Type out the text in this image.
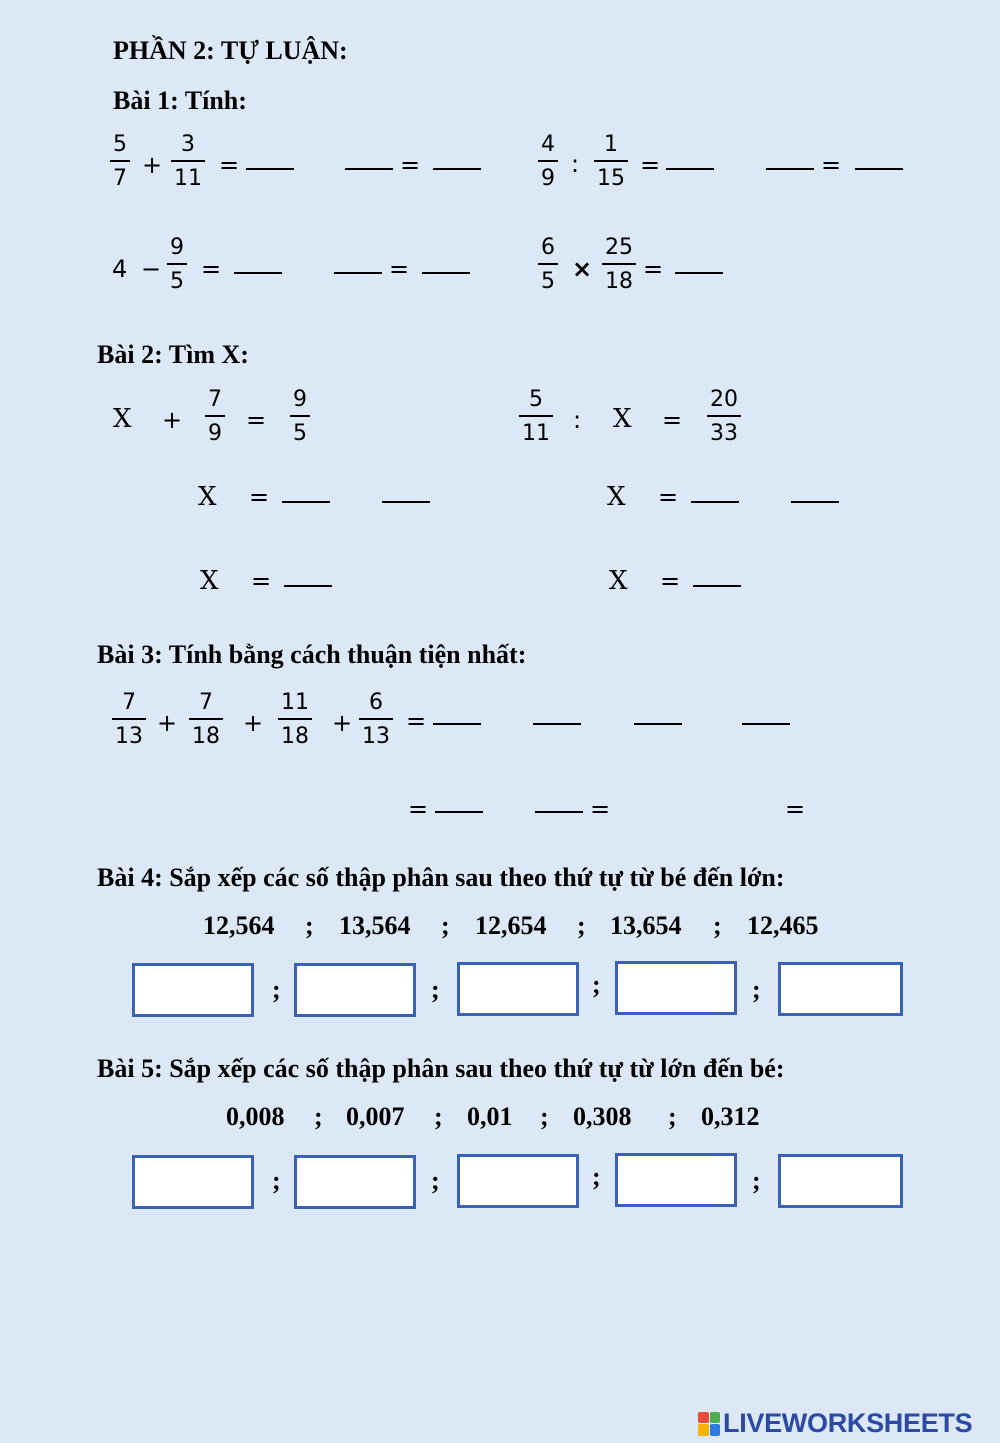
PHẦN 2: TỰ LUẬN:
Bài 1: Tính:
5
7 +
3
11 =	=
4
9
:
1
15 =	=
4 −
9
5 =	=
6
5 ×
25
18 =
Bài 2: Tìm X:
X +
7
9 =
9
5
5
11 : X =
20
33
X =	X =
X =	X =
Bài 3: Tính bằng cách thuận tiện nhất:
7
13 +
7
18 +
11
18 +
6
13
=
=	=	=
Bài 4: Sắp xếp các số thập phân sau theo thứ tự từ bé đến lớn:
12,564 ; 13,564 ; 12,654 ; 13,654 ; 12,465
;	;	;	;
Bài 5: Sắp xếp các số thập phân sau theo thứ tự từ lớn đến bé:
0,008 ; 0,007 ; 0,01 ; 0,308 ; 0,312
;	;	;	;
LIVEWORKSHEETS
